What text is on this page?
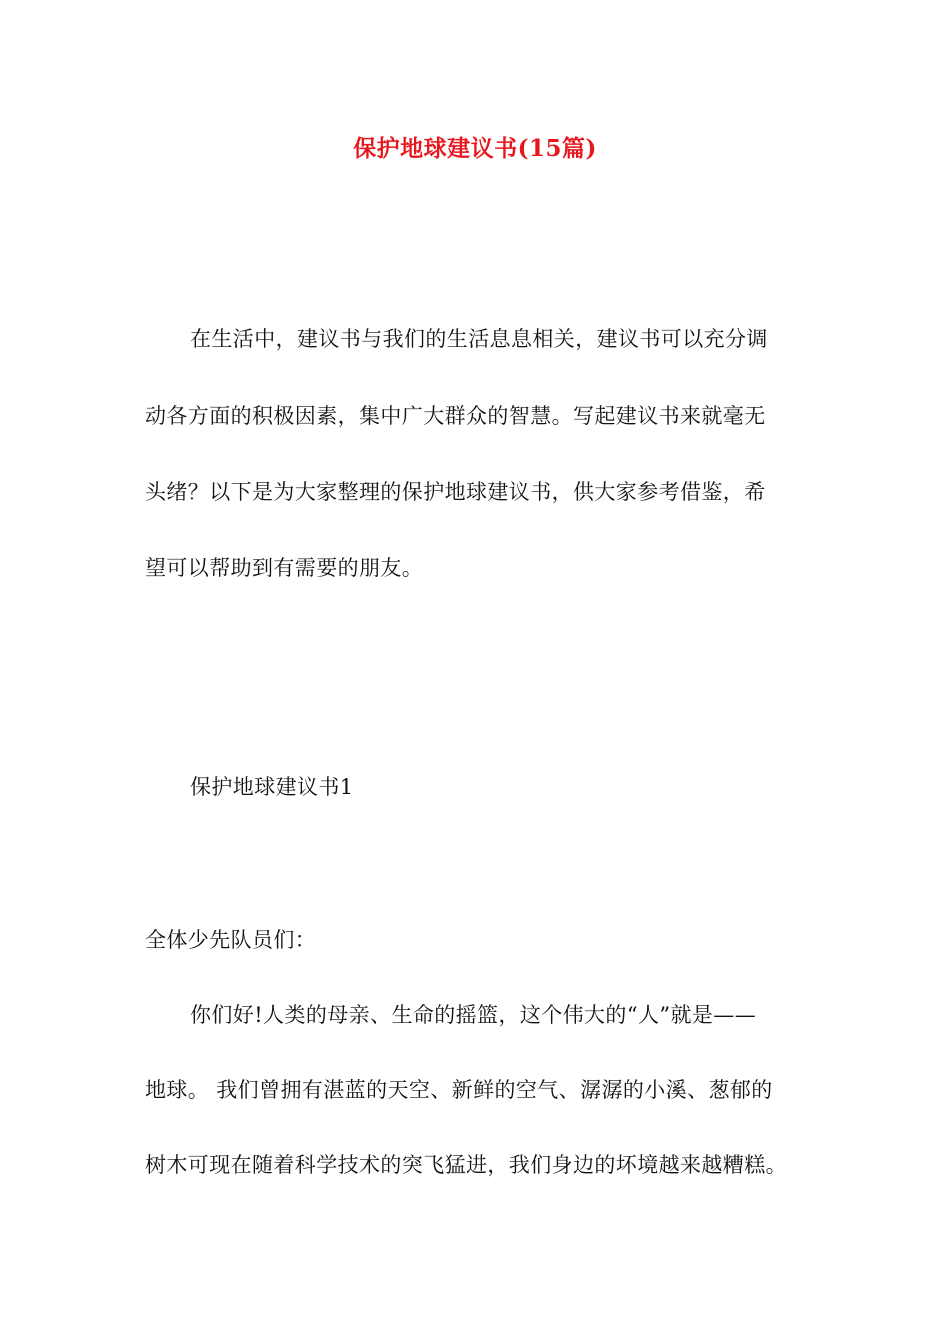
保护地球建议书(15篇)
在生活中，建议书与我们的生活息息相关，建议书可以充分调
动各方面的积极因素，集中广大群众的智慧。写起建议书来就毫无
头绪？以下是为大家整理的保护地球建议书，供大家参考借鉴，希
望可以帮助到有需要的朋友。
保护地球建议书1
全体少先队员们：
你们好!人类的母亲、生命的摇篮，这个伟大的“人”就是——
地球。 我们曾拥有湛蓝的天空、新鲜的空气、潺潺的小溪、葱郁的
树木可现在随着科学技术的突飞猛进，我们身边的坏境越来越糟糕。
